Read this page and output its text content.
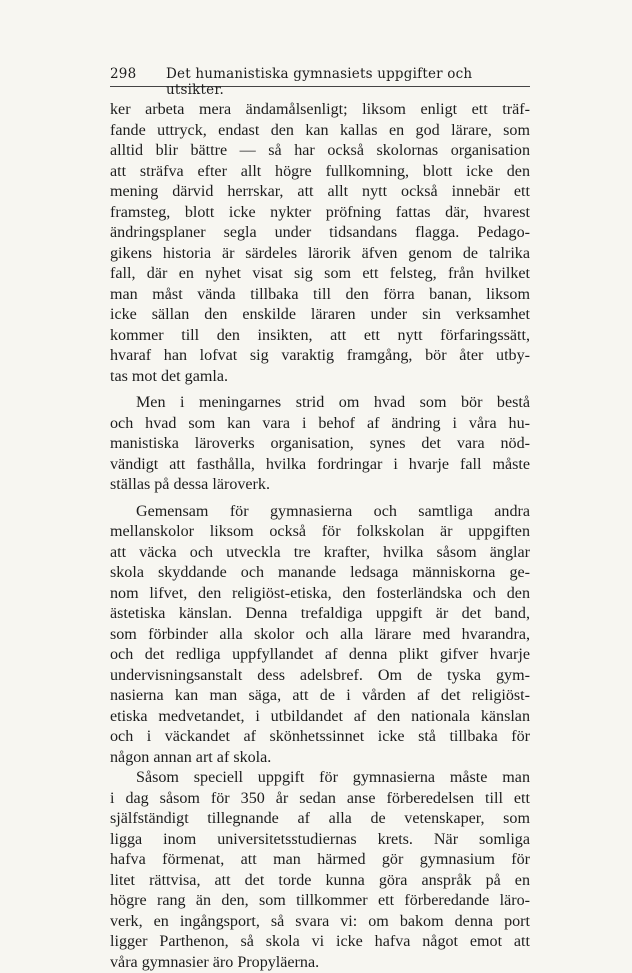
298 Det humanistiska gymnasiets uppgifter och utsikter.
ker arbeta mera ändamålsenligt; liksom enligt ett träf-
fande uttryck, endast den kan kallas en god lärare, som
alltid blir bättre — så har också skolornas organisation
att sträfva efter allt högre fullkomning, blott icke den
mening därvid herrskar, att allt nytt också innebär ett
framsteg, blott icke nykter pröfning fattas där, hvarest
ändringsplaner segla under tidsandans flagga. Pedago-
gikens historia är särdeles lärorik äfven genom de talrika
fall, där en nyhet visat sig som ett felsteg, från hvilket
man måst vända tillbaka till den förra banan, liksom
icke sällan den enskilde läraren under sin verksamhet
kommer till den insikten, att ett nytt förfaringssätt,
hvaraf han lofvat sig varaktig framgång, bör åter utby-
tas mot det gamla.
Men i meningarnes strid om hvad som bör bestå
och hvad som kan vara i behof af ändring i våra hu-
manistiska läroverks organisation, synes det vara nöd-
vändigt att fasthålla, hvilka fordringar i hvarje fall måste
ställas på dessa läroverk.
Gemensam för gymnasierna och samtliga andra
mellanskolor liksom också för folkskolan är uppgiften
att väcka och utveckla tre krafter, hvilka såsom änglar
skola skyddande och manande ledsaga människorna ge-
nom lifvet, den religiöst-etiska, den fosterländska och den
ästetiska känslan. Denna trefaldiga uppgift är det band,
som förbinder alla skolor och alla lärare med hvarandra,
och det redliga uppfyllandet af denna plikt gifver hvarje
undervisningsanstalt dess adelsbref. Om de tyska gym-
nasierna kan man säga, att de i vården af det religiöst-
etiska medvetandet, i utbildandet af den nationala känslan
och i väckandet af skönhetssinnet icke stå tillbaka för
någon annan art af skola.
Såsom speciell uppgift för gymnasierna måste man
i dag såsom för 350 år sedan anse förberedelsen till ett
själfständigt tillegnande af alla de vetenskaper, som
ligga inom universitetsstudiernas krets. När somliga
hafva förmenat, att man härmed gör gymnasium för
litet rättvisa, att det torde kunna göra anspråk på en
högre rang än den, som tillkommer ett förberedande läro-
verk, en ingångsport, så svara vi: om bakom denna port
ligger Parthenon, så skola vi icke hafva något emot att
våra gymnasier äro Propyläerna.
